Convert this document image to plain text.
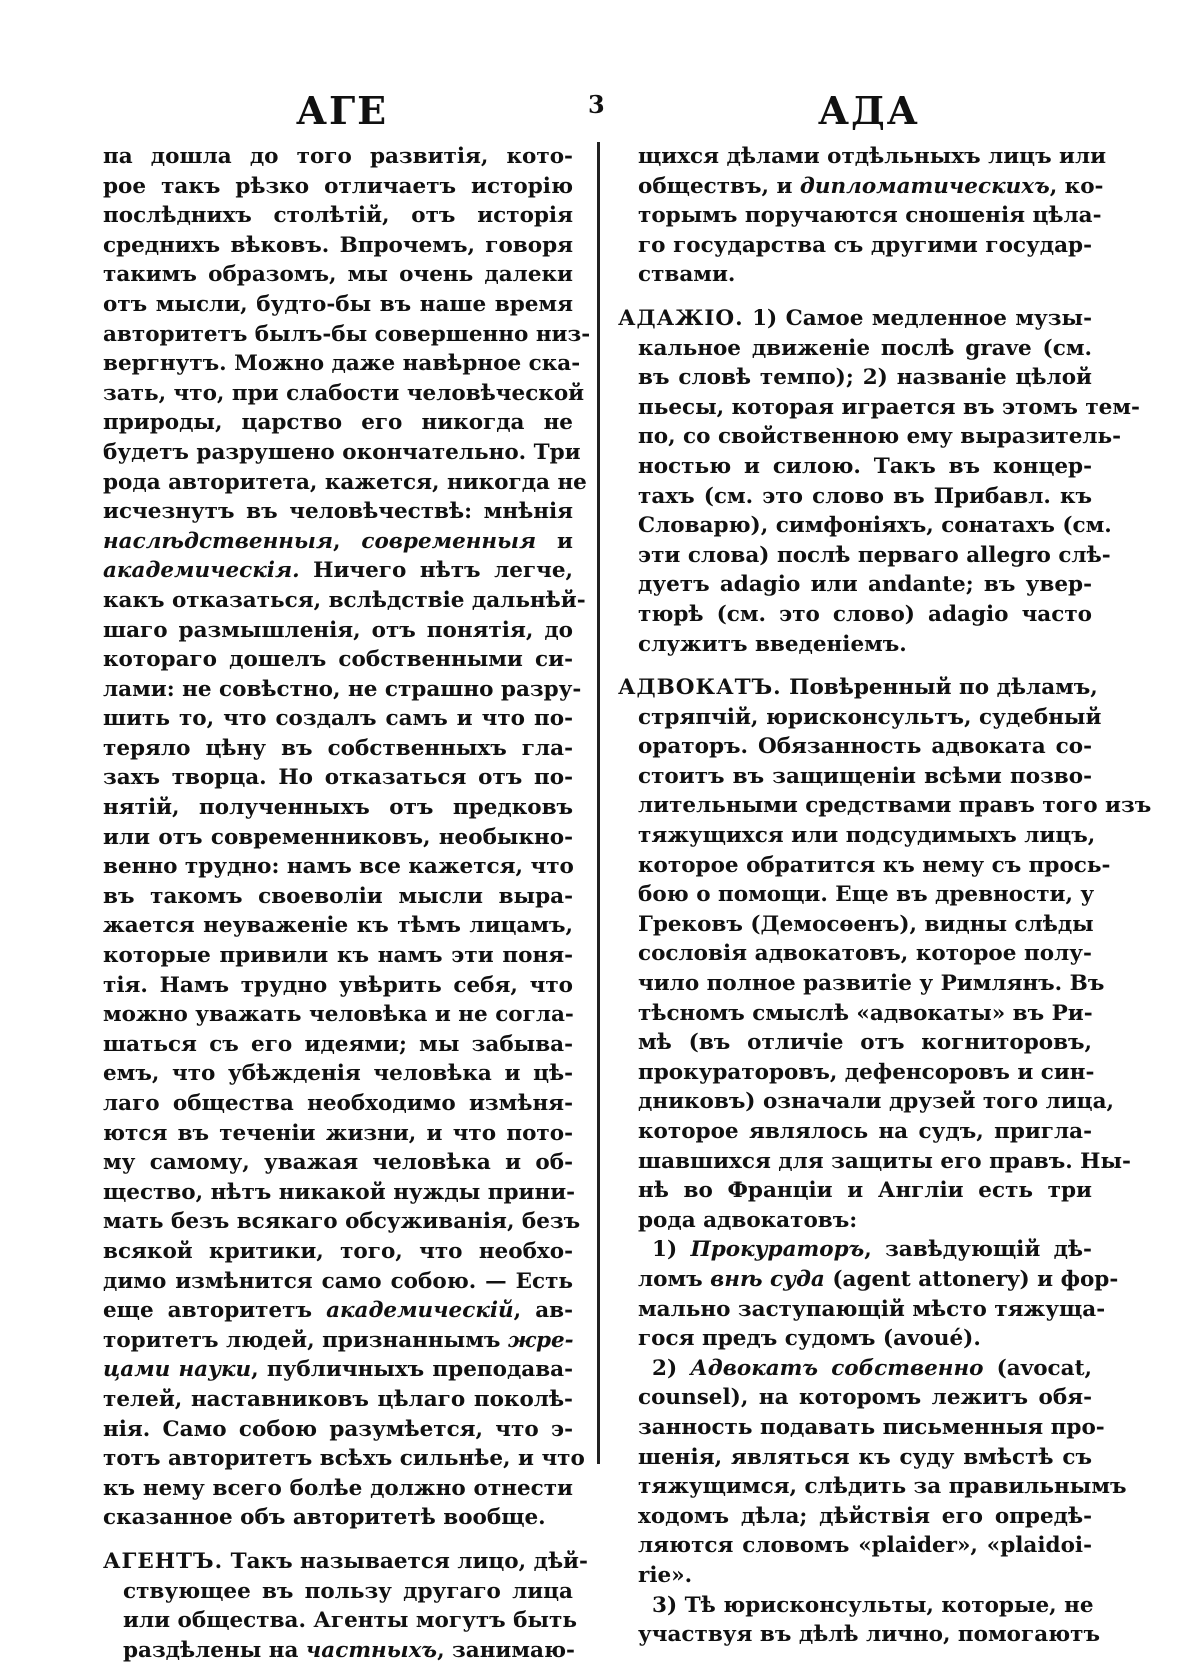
АГЕ	3	АДА
па дошла до того развитія, кото-
рое такъ рѣзко отличаетъ исторію
послѣднихъ столѣтій, отъ исторія
среднихъ вѣковъ. Впрочемъ, говоря
такимъ образомъ, мы очень далеки
отъ мысли, будто-бы въ наше время
авторитетъ былъ-бы совершенно низ-
вергнутъ. Можно даже навѣрное ска-
зать, что, при слабости человѣческой
природы, царство его никогда не
будетъ разрушено окончательно. Три
рода авторитета, кажется, никогда не
исчезнутъ въ человѣчествѣ: мнѣнія
наслѣдственныя, современныя и
академическія. Ничего нѣтъ легче,
какъ отказаться, вслѣдствіе дальнѣй-
шаго размышленія, отъ понятія, до
котораго дошелъ собственными си-
лами: не совѣстно, не страшно разру-
шить то, что создалъ самъ и что по-
теряло цѣну въ собственныхъ гла-
захъ творца. Но отказаться отъ по-
нятій, полученныхъ отъ предковъ
или отъ современниковъ, необыкно-
венно трудно: намъ все кажется, что
въ такомъ своеволіи мысли выра-
жается неуваженіе къ тѣмъ лицамъ,
которые привили къ намъ эти поня-
тія. Намъ трудно увѣрить себя, что
можно уважать человѣка и не согла-
шаться съ его идеями; мы забыва-
емъ, что убѣжденія человѣка и цѣ-
лаго общества необходимо измѣня-
ются въ теченіи жизни, и что пото-
му самому, уважая человѣка и об-
щество, нѣтъ никакой нужды прини-
мать безъ всякаго обсуживанія, безъ
всякой критики, того, что необхо-
димо измѣнится само собою. — Есть
еще авторитетъ академическій, ав-
торитетъ людей, признаннымъ жре-
цами науки, публичныхъ преподава-
телей, наставниковъ цѣлаго поколѣ-
нія. Само собою разумѣется, что э-
тотъ авторитетъ всѣхъ сильнѣе, и что
къ нему всего болѣе должно отнести
сказанное объ авторитетѣ вообще.
АГЕНТЪ. Такъ называется лицо, дѣй-
ствующее въ пользу другаго лица
или общества. Агенты могутъ быть
раздѣлены на частныхъ, занимаю-
щихся дѣлами отдѣльныхъ лицъ или
обществъ, и дипломатическихъ, ко-
торымъ поручаются сношенія цѣла-
го государства съ другими государ-
ствами.
АДАЖІО. 1) Самое медленное музы-
кальное движеніе послѣ grave (см.
въ словѣ темпо); 2) названіе цѣлой
пьесы, которая играется въ этомъ тем-
по, со свойственною ему выразитель-
ностью и силою. Такъ въ концер-
тахъ (см. это слово въ Прибавл. къ
Словарю), симфоніяхъ, сонатахъ (см.
эти слова) послѣ перваго allegro слѣ-
дуетъ adagio или andante; въ увер-
тюрѣ (см. это слово) adagio часто
служитъ введеніемъ.
АДВОКАТЪ. Повѣренный по дѣламъ,
стряпчій, юрисконсультъ, судебный
ораторъ. Обязанность адвоката со-
стоитъ въ защищеніи всѣми позво-
лительными средствами правъ того изъ
тяжущихся или подсудимыхъ лицъ,
которое обратится къ нему съ прось-
бою о помощи. Еще въ древности, у
Грековъ (Демосѳенъ), видны слѣды
сословія адвокатовъ, которое полу-
чило полное развитіе у Римлянъ. Въ
тѣсномъ смыслѣ «адвокаты» въ Ри-
мѣ (въ отличіе отъ когниторовъ,
прокураторовъ, дефенсоровъ и син-
дниковъ) означали друзей того лица,
которое являлось на судъ, пригла-
шавшихся для защиты его правъ. Ны-
нѣ во Франціи и Англіи есть три
рода адвокатовъ:
1) Прокураторъ, завѣдующій дѣ-
ломъ внѣ суда (agent attonery) и фор-
мально заступающій мѣсто тяжуща-
гося предъ судомъ (avoué).
2) Адвокатъ собственно (avocat,
counsel), на которомъ лежитъ обя-
занность подавать письменныя про-
шенія, являться къ суду вмѣстѣ съ
тяжущимся, слѣдить за правильнымъ
ходомъ дѣла; дѣйствія его опредѣ-
ляются словомъ «plaider», «plaidoi-
rie».
3) Тѣ юрисконсульты, которые, не
участвуя въ дѣлѣ лично, помогаютъ
